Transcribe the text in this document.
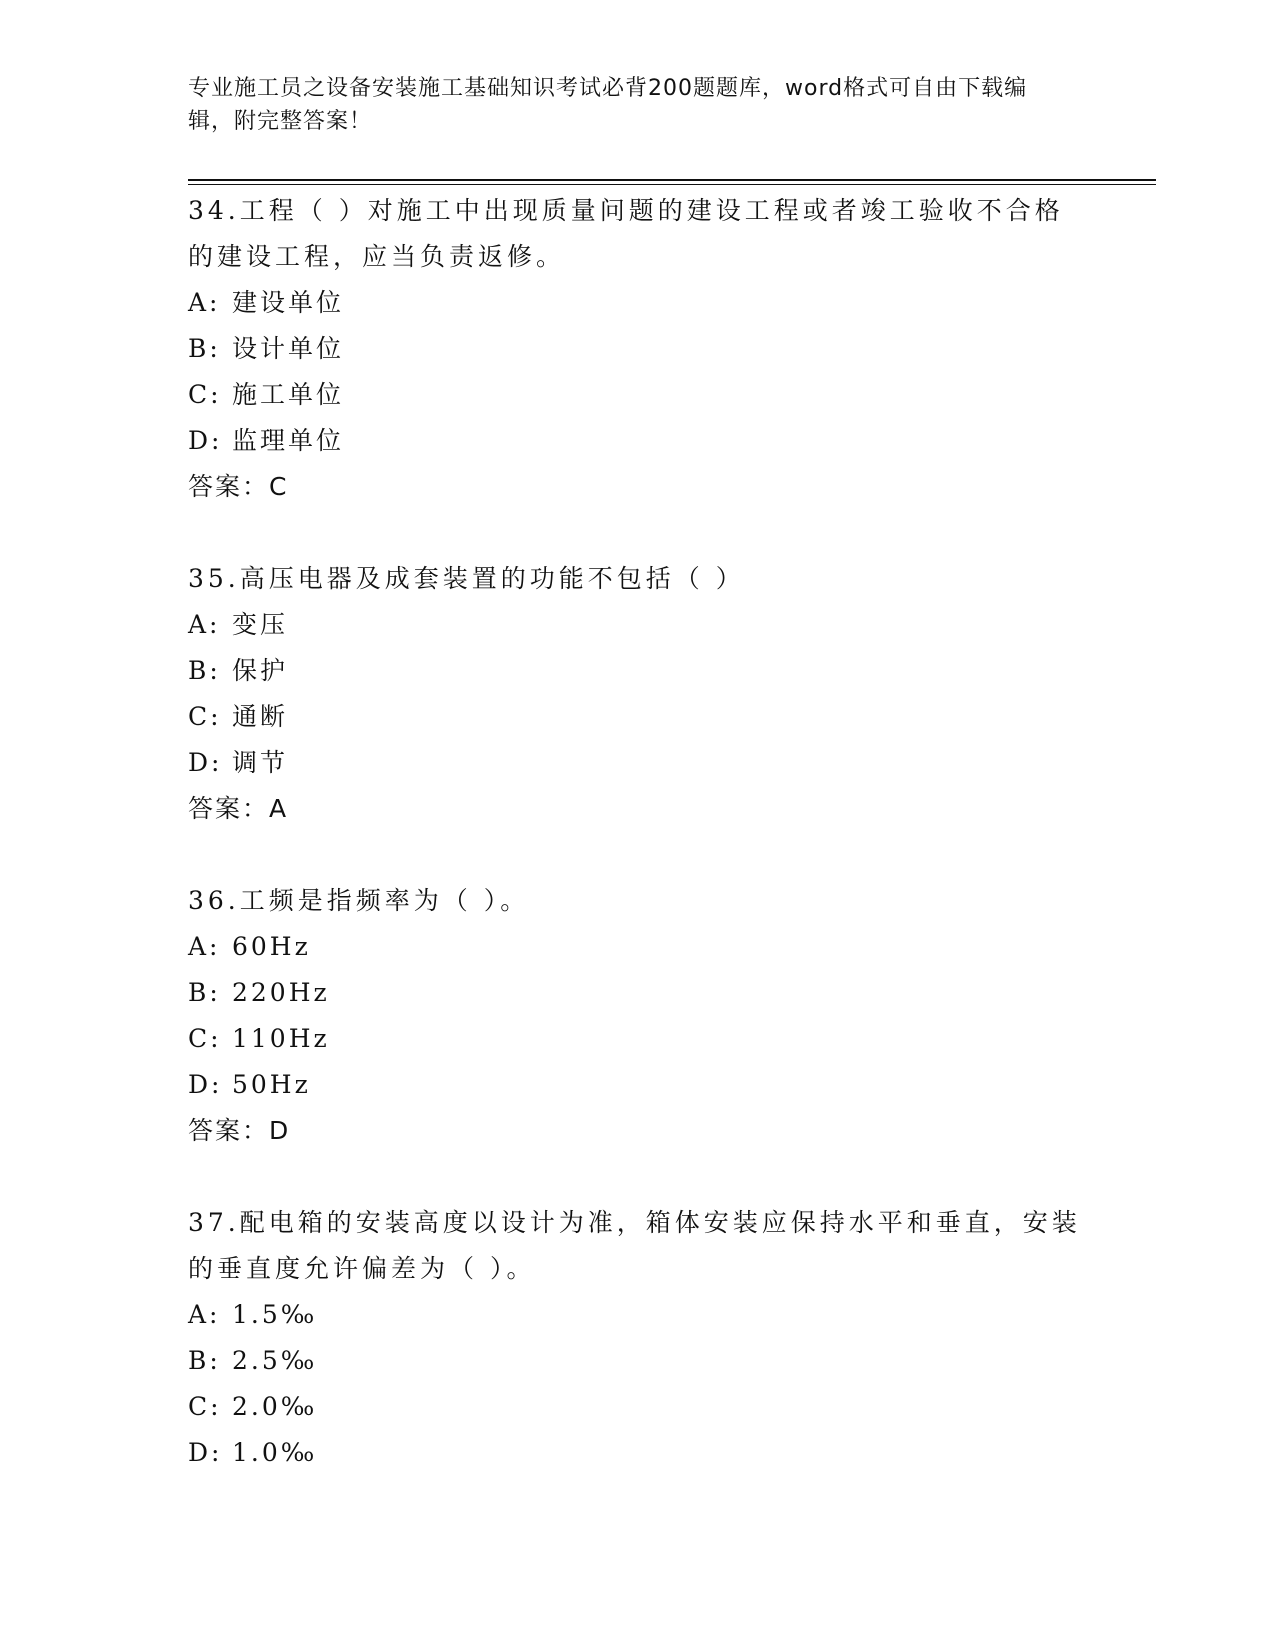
专业施工员之设备安装施工基础知识考试必背200题题库，word格式可自由下载编辑，附完整答案！

34.工程（ ）对施工中出现质量问题的建设工程或者竣工验收不合格的建设工程，应当负责返修。

A: 建设单位

B: 设计单位

C: 施工单位

D: 监理单位

答案：C

35.高压电器及成套装置的功能不包括（ ）

A: 变压

B: 保护

C: 通断

D: 调节

答案：A

36.工频是指频率为（ ）。

A: 60Hz

B: 220Hz

C: 110Hz

D: 50Hz

答案：D

37.配电箱的安装高度以设计为准，箱体安装应保持水平和垂直，安装的垂直度允许偏差为（ ）。

A: 1.5‰

B: 2.5‰

C: 2.0‰

D: 1.0‰
